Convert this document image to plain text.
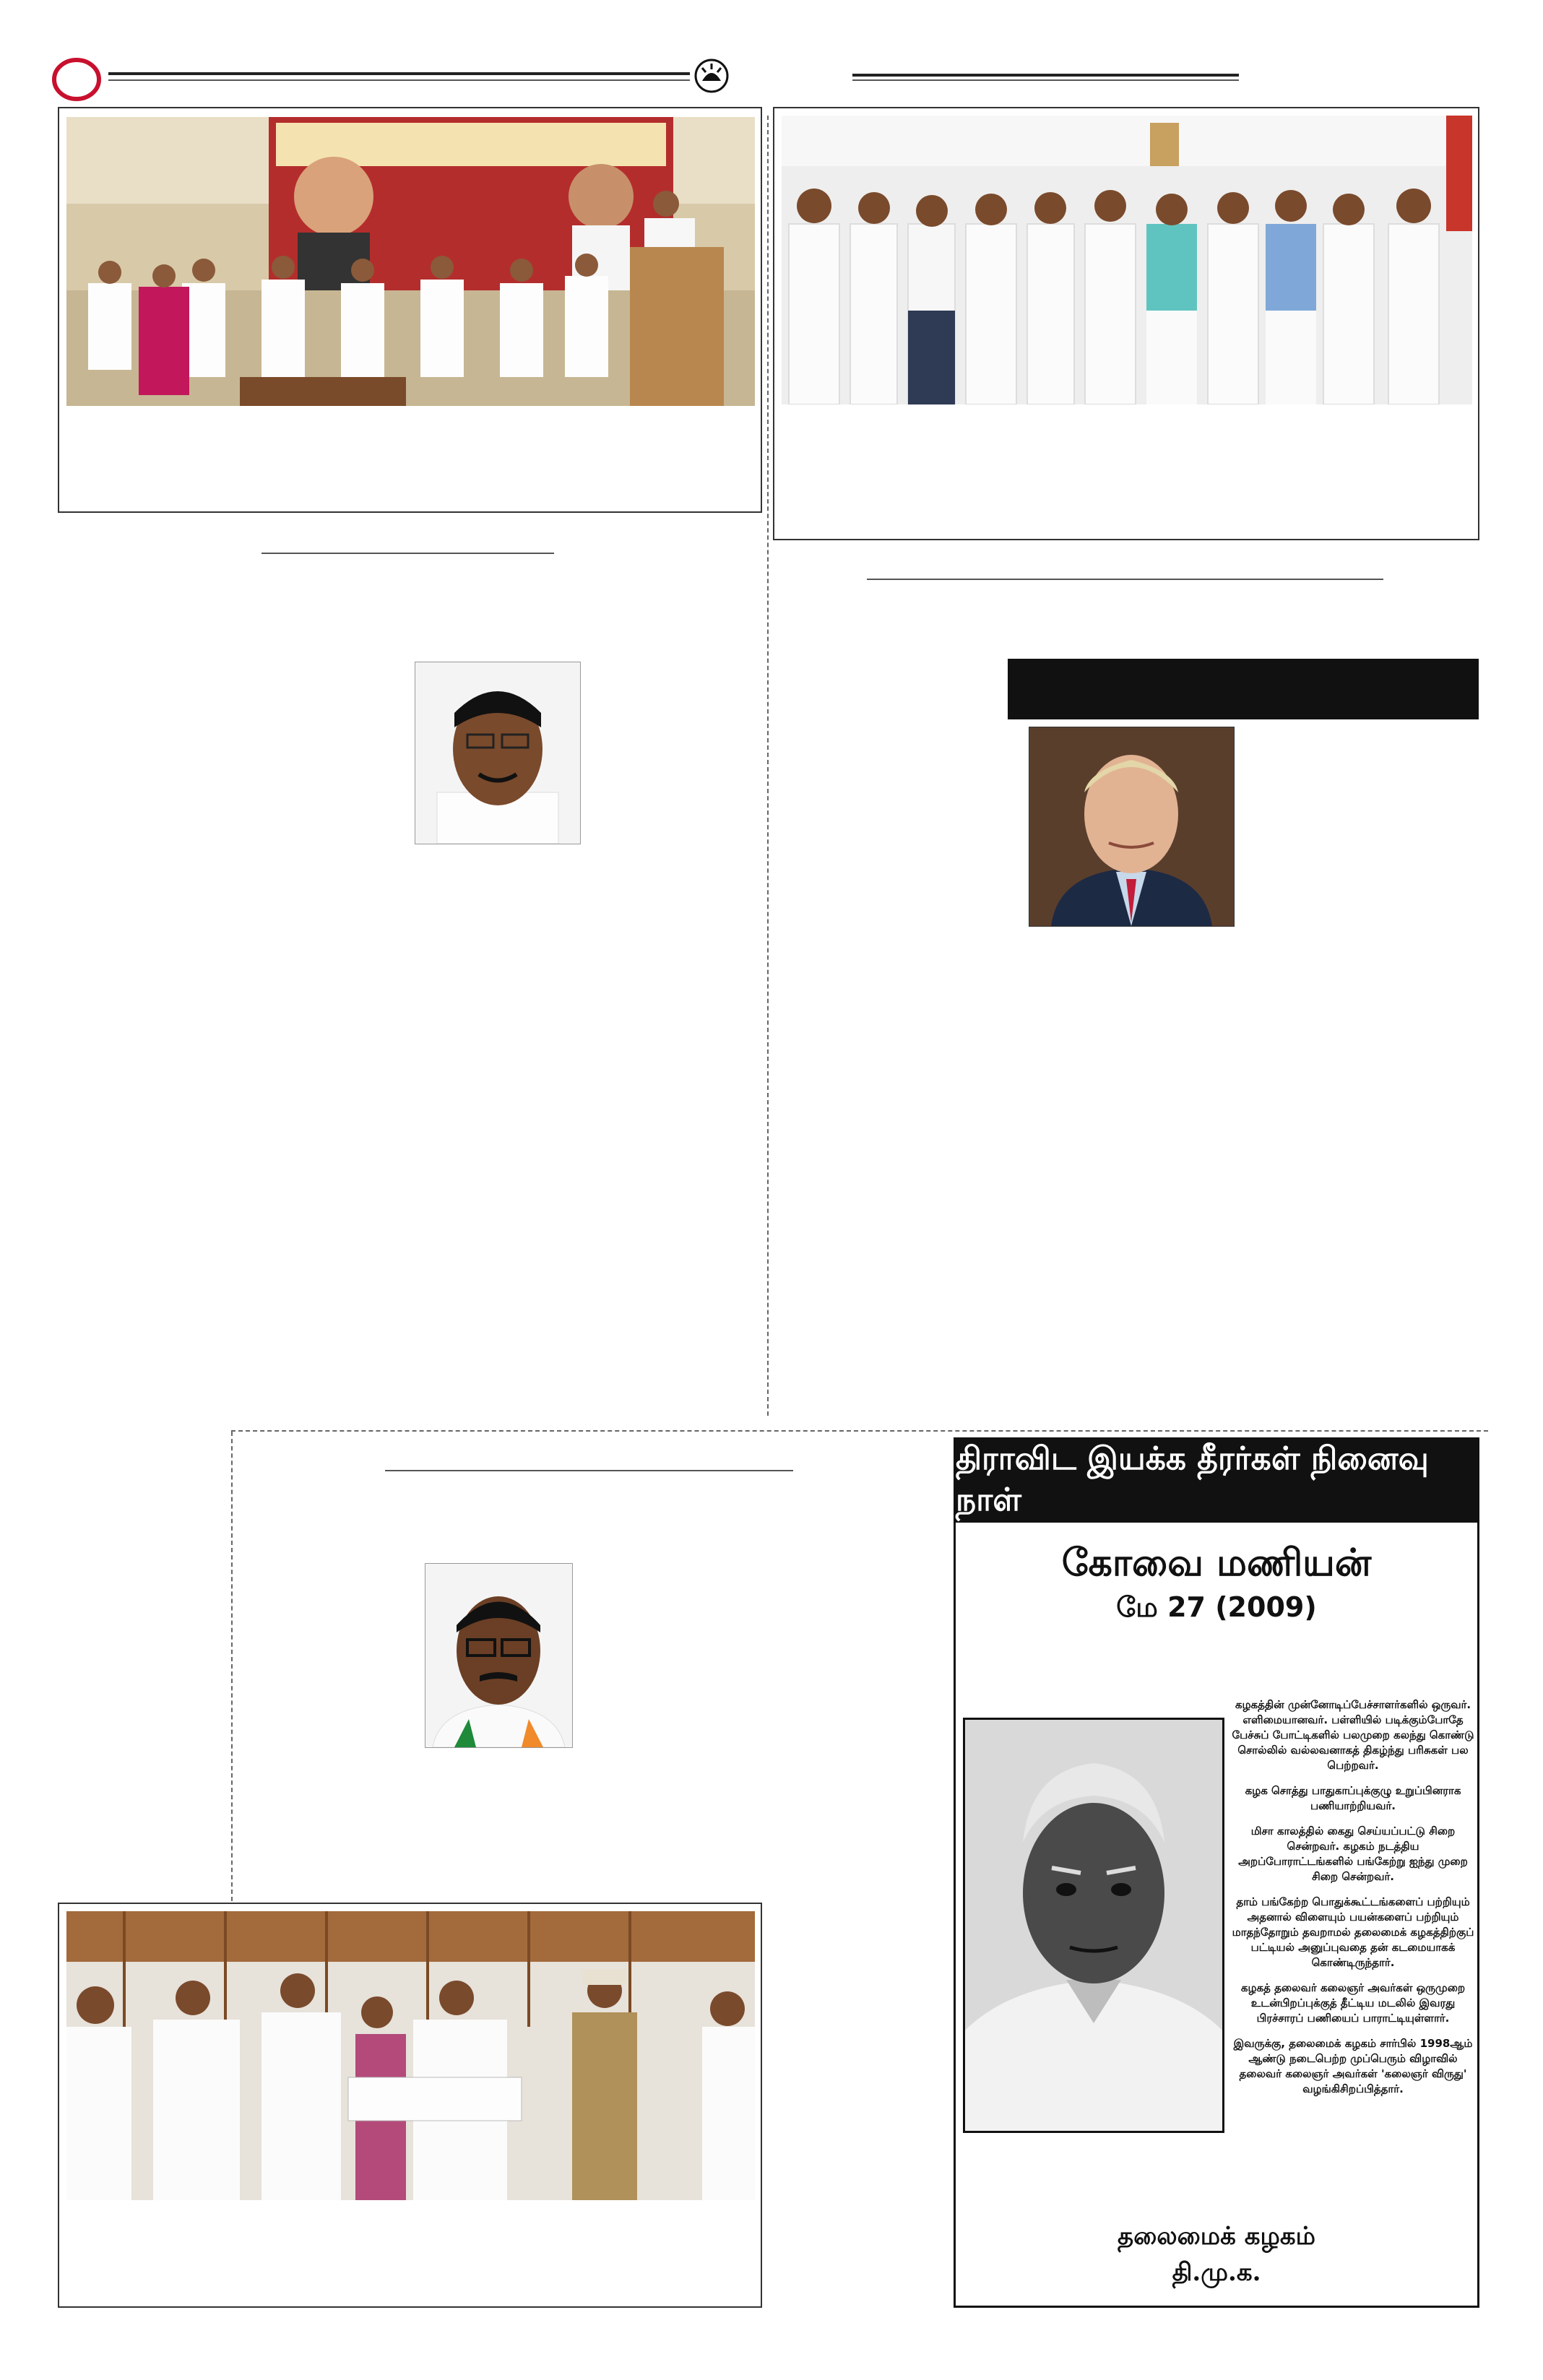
திராவிட இயக்க தீரர்கள் நினைவு நாள்
கோவை மணியன்
மே 27 (2009)

கழகத்தின் முன்னோடிப்பேச்சாளர்களில் ஒருவர். எளிமையானவர். பள்ளியில் படிக்கும்போதே பேச்சுப் போட்டிகளில் பலமுறை கலந்து கொண்டு சொல்லில் வல்லவனாகத் திகழ்ந்து பரிசுகள் பல பெற்றவர்.

கழக சொத்து பாதுகாப்புக்குழு உறுப்பினராக பணியாற்றியவர்.

மிசா காலத்தில் கைது செய்யப்பட்டு சிறை சென்றவர். கழகம் நடத்திய அறப்போராட்டங்களில் பங்கேற்று ஐந்து முறை சிறை சென்றவர்.

தாம் பங்கேற்ற பொதுக்கூட்டங்களைப் பற்றியும் அதனால் விளையும் பயன்களைப் பற்றியும் மாதந்தோறும் தவறாமல் தலைமைக் கழகத்திற்குப் பட்டியல் அனுப்புவதை தன் கடமையாகக் கொண்டிருந்தார்.

கழகத் தலைவர் கலைஞர் அவர்கள் ஒருமுறை உடன்பிறப்புக்குத் தீட்டிய மடலில் இவரது பிரச்சாரப் பணியைப் பாராட்டியுள்ளார்.

இவருக்கு, தலைமைக் கழகம் சார்பில் 1998ஆம் ஆண்டு நடைபெற்ற முப்பெரும் விழாவில் தலைவர் கலைஞர் அவர்கள் 'கலைஞர் விருது' வழங்கிசிறப்பித்தார்.

தலைமைக் கழகம்
தி.மு.க.
